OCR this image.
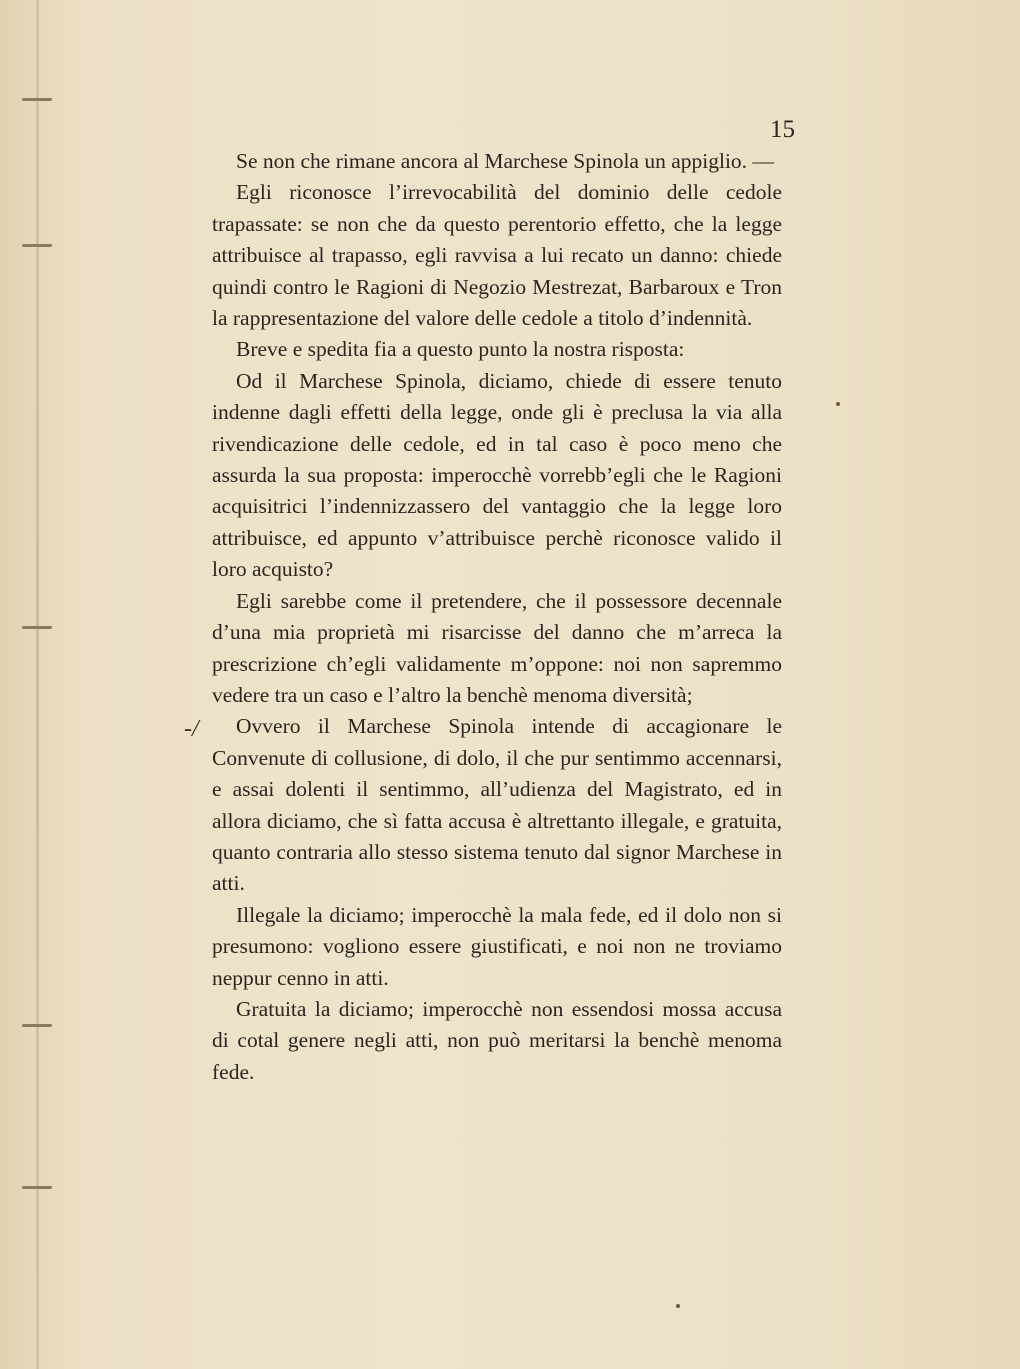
15

-/

Se non che rimane ancora al Marchese Spinola un appiglio. —

Egli riconosce l’irrevocabilità del dominio delle cedole trapassate: se non che da questo perentorio effetto, che la legge attribuisce al trapasso, egli ravvisa a lui recato un danno: chiede quindi contro le Ragioni di Negozio Mestrezat, Barbaroux e Tron la rappresentazione del valore delle cedole a titolo d’indennità.

Breve e spedita fia a questo punto la nostra risposta:

Od il Marchese Spinola, diciamo, chiede di essere tenuto indenne dagli effetti della legge, onde gli è preclusa la via alla rivendicazione delle cedole, ed in tal caso è poco meno che assurda la sua proposta: imperocchè vorrebb’egli che le Ragioni acquisitrici l’indennizzassero del vantaggio che la legge loro attribuisce, ed appunto v’attribuisce perchè riconosce valido il loro acquisto?

Egli sarebbe come il pretendere, che il possessore decennale d’una mia proprietà mi risarcisse del danno che m’arreca la prescrizione ch’egli validamente m’oppone: noi non sapremmo vedere tra un caso e l’altro la benchè menoma diversità;

Ovvero il Marchese Spinola intende di accagionare le Convenute di collusione, di dolo, il che pur sentimmo accennarsi, e assai dolenti il sentimmo, all’udienza del Magistrato, ed in allora diciamo, che sì fatta accusa è altrettanto illegale, e gratuita, quanto contraria allo stesso sistema tenuto dal signor Marchese in atti.

Illegale la diciamo; imperocchè la mala fede, ed il dolo non si presumono: vogliono essere giustificati, e noi non ne troviamo neppur cenno in atti.

Gratuita la diciamo; imperocchè non essendosi mossa accusa di cotal genere negli atti, non può meritarsi la benchè menoma fede.
